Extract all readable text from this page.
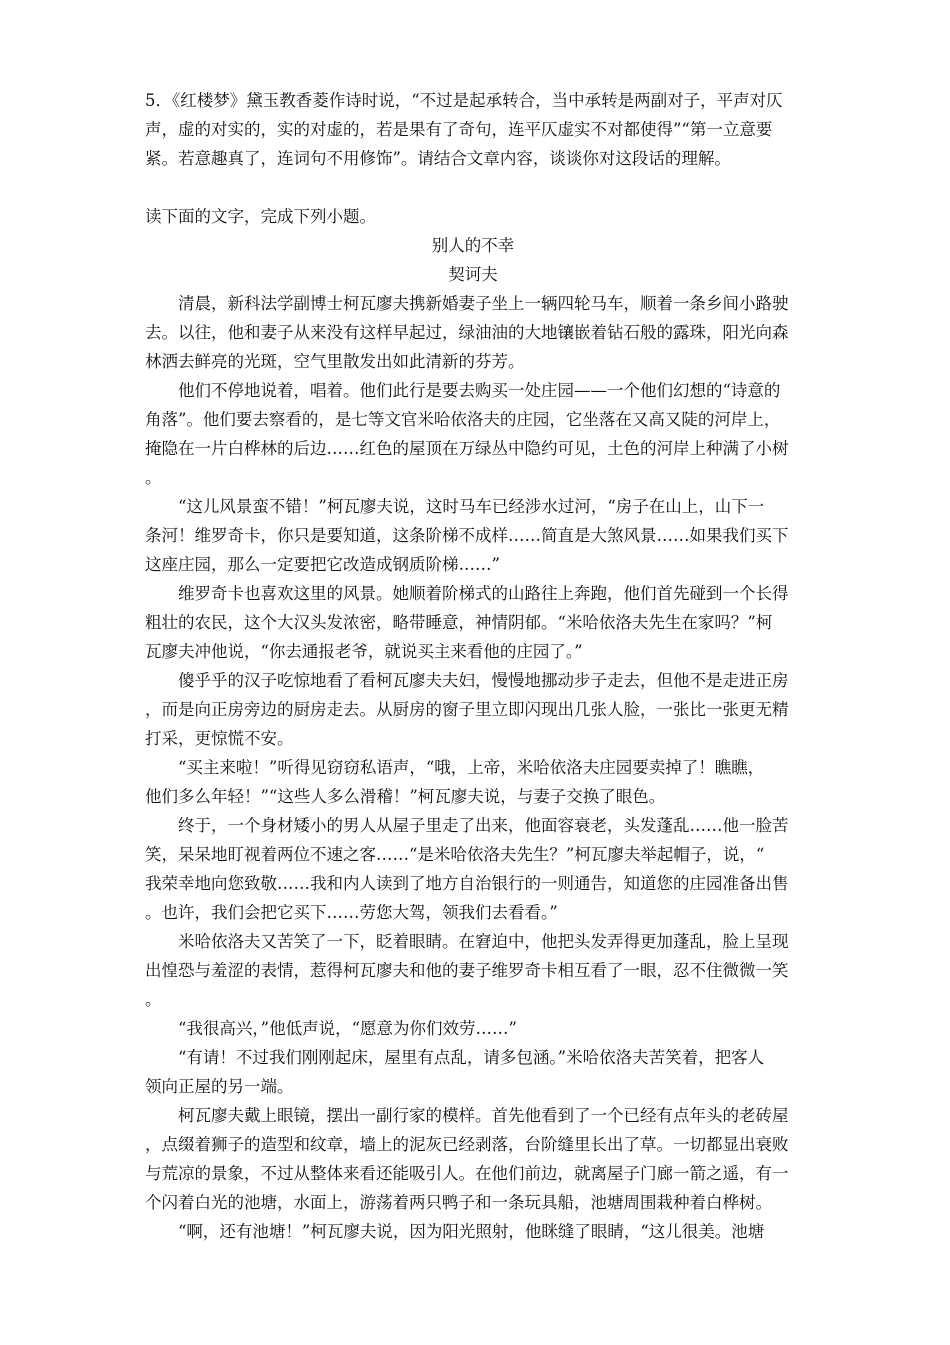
5．《红楼梦》黛玉教香菱作诗时说，“不过是起承转合，当中承转是两副对子，平声对仄

声，虚的对实的，实的对虚的，若是果有了奇句，连平仄虚实不对都使得”“第一立意要

紧。若意趣真了，连词句不用修饰”。请结合文章内容，谈谈你对这段话的理解。

读下面的文字，完成下列小题。

别人的不幸

契诃夫

清晨，新科法学副博士柯瓦廖夫携新婚妻子坐上一辆四轮马车，顺着一条乡间小路驶

去。以往，他和妻子从来没有这样早起过，绿油油的大地镶嵌着钻石般的露珠，阳光向森

林洒去鲜亮的光斑，空气里散发出如此清新的芬芳。

他们不停地说着，唱着。他们此行是要去购买一处庄园——一个他们幻想的“诗意的

角落”。他们要去察看的，是七等文官米哈依洛夫的庄园，它坐落在又高又陡的河岸上，

掩隐在一片白桦林的后边……红色的屋顶在万绿丛中隐约可见，土色的河岸上种满了小树

。

“这儿风景蛮不错！”柯瓦廖夫说，这时马车已经涉水过河，“房子在山上，山下一

条河！维罗奇卡，你只是要知道，这条阶梯不成样……简直是大煞风景……如果我们买下

这座庄园，那么一定要把它改造成钢质阶梯……”

维罗奇卡也喜欢这里的风景。她顺着阶梯式的山路往上奔跑，他们首先碰到一个长得

粗壮的农民，这个大汉头发浓密，略带睡意，神情阴郁。“米哈依洛夫先生在家吗？”柯

瓦廖夫冲他说，“你去通报老爷，就说买主来看他的庄园了。”

傻乎乎的汉子吃惊地看了看柯瓦廖夫夫妇，慢慢地挪动步子走去，但他不是走进正房

，而是向正房旁边的厨房走去。从厨房的窗子里立即闪现出几张人脸，一张比一张更无精

打采，更惊慌不安。

“买主来啦！”听得见窃窃私语声，“哦，上帝，米哈依洛夫庄园要卖掉了！瞧瞧，

他们多么年轻！”“这些人多么滑稽！”柯瓦廖夫说，与妻子交换了眼色。

终于，一个身材矮小的男人从屋子里走了出来，他面容衰老，头发蓬乱……他一脸苦

笑，呆呆地盯视着两位不速之客……“是米哈依洛夫先生？”柯瓦廖夫举起帽子，说，“

我荣幸地向您致敬……我和内人读到了地方自治银行的一则通告，知道您的庄园准备出售

。也许，我们会把它买下……劳您大驾，领我们去看看。”

米哈依洛夫又苦笑了一下，眨着眼睛。在窘迫中，他把头发弄得更加蓬乱，脸上呈现

出惶恐与羞涩的表情，惹得柯瓦廖夫和他的妻子维罗奇卡相互看了一眼，忍不住微微一笑

。

“我很高兴，”他低声说，“愿意为你们效劳……”

“有请！不过我们刚刚起床，屋里有点乱，请多包涵。”米哈依洛夫苦笑着，把客人

领向正屋的另一端。

柯瓦廖夫戴上眼镜，摆出一副行家的模样。首先他看到了一个已经有点年头的老砖屋

，点缀着狮子的造型和纹章，墙上的泥灰已经剥落，台阶缝里长出了草。一切都显出衰败

与荒凉的景象，不过从整体来看还能吸引人。在他们前边，就离屋子门廊一箭之遥，有一

个闪着白光的池塘，水面上，游荡着两只鸭子和一条玩具船，池塘周围栽种着白桦树。

“啊，还有池塘！”柯瓦廖夫说，因为阳光照射，他眯缝了眼睛，“这儿很美。池塘
